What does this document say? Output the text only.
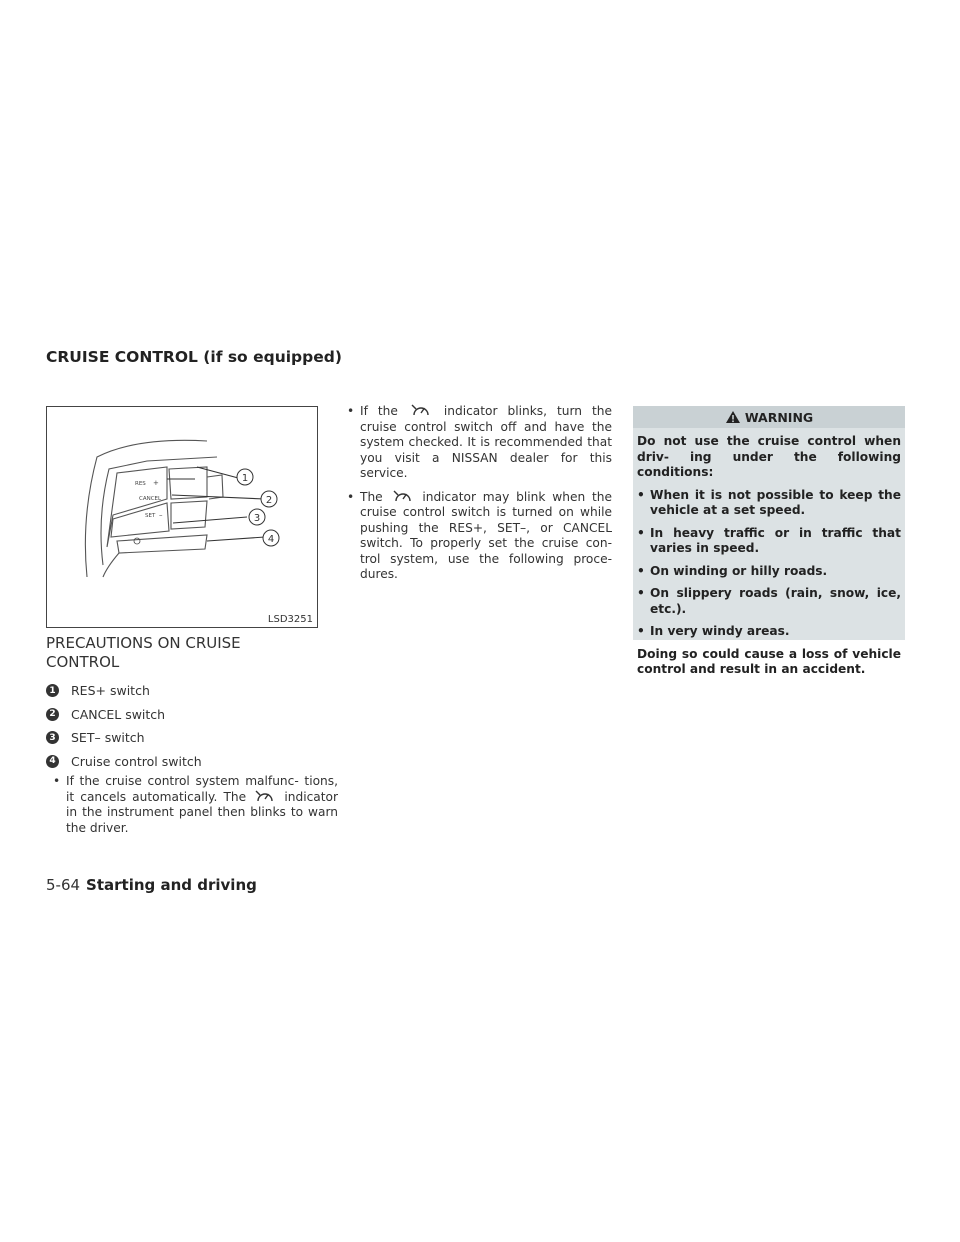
CRUISE CONTROL (if so equipped)
RES +
CANCEL
SET –
1
2
3
4
LSD3251
PRECAUTIONS ON CRUISE CONTROL
1 RES+ switch
2 CANCEL switch
3 SET– switch
4 Cruise control switch
• If the cruise control system malfunc- tions, it cancels automatically. The	indicator in the instrument panel then blinks to warn the driver.
• If the	indicator blinks, turn the cruise control switch off and have the system checked. It is recommended that you visit a NISSAN dealer for this service.
• The	indicator may blink when the cruise control switch is turned on while pushing the RES+, SET–, or CANCEL switch. To properly set the cruise con- trol system, use the following proce- dures.
WARNING

Do not use the cruise control when driv- ing under the following conditions:

• When it is not possible to keep the vehicle at a set speed.
• In heavy traffic or in traffic that varies in speed.
• On winding or hilly roads.
• On slippery roads (rain, snow, ice, etc.).
• In very windy areas.

Doing so could cause a loss of vehicle control and result in an accident.

5-64 Starting and driving
